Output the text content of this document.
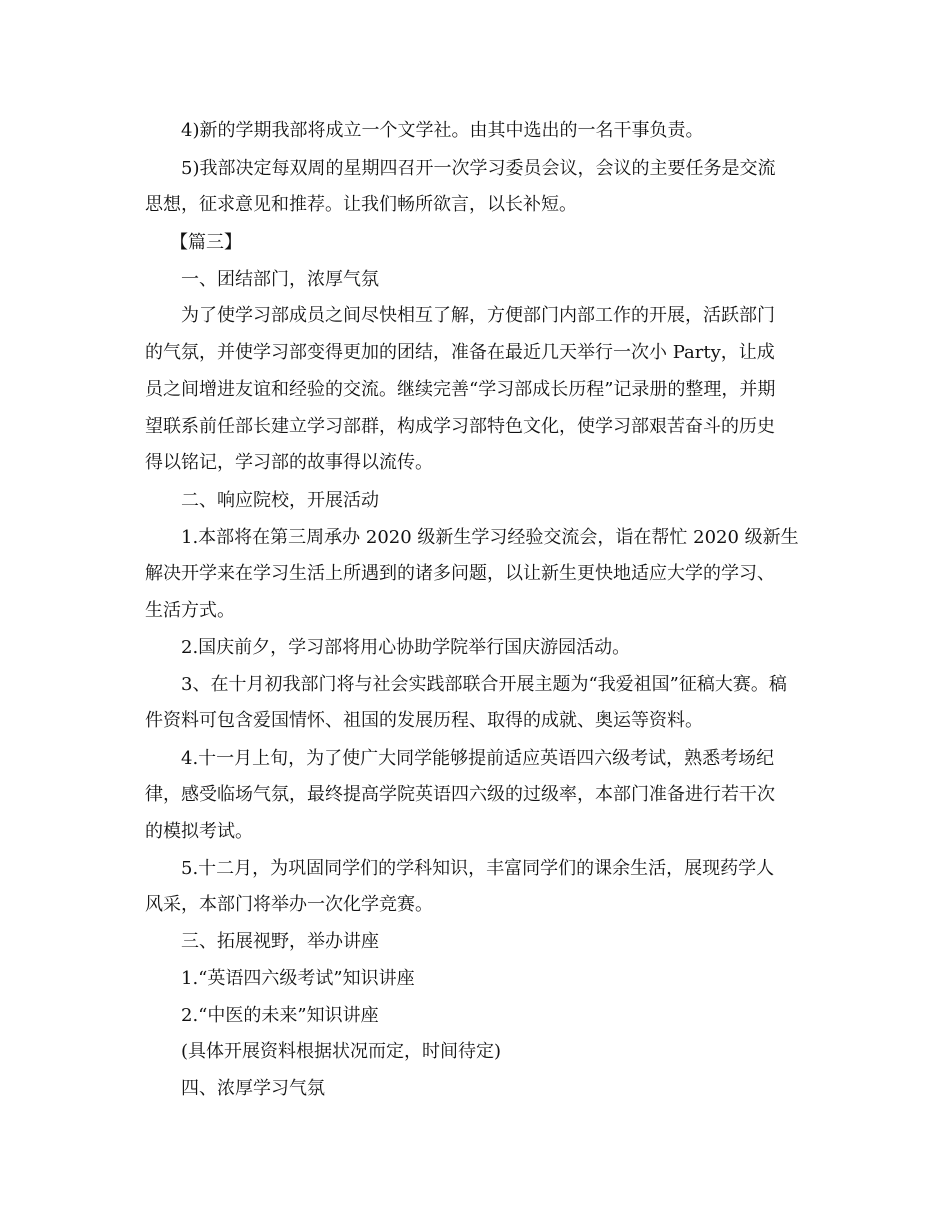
4)新的学期我部将成立一个文学社。由其中选出的一名干事负责。
5)我部决定每双周的星期四召开一次学习委员会议，会议的主要任务是交流
思想，征求意见和推荐。让我们畅所欲言，以长补短。
【篇三】
一、团结部门，浓厚气氛
为了使学习部成员之间尽快相互了解，方便部门内部工作的开展，活跃部门
的气氛，并使学习部变得更加的团结，准备在最近几天举行一次小 Party，让成
员之间增进友谊和经验的交流。继续完善“学习部成长历程”记录册的整理，并期
望联系前任部长建立学习部群，构成学习部特色文化，使学习部艰苦奋斗的历史
得以铭记，学习部的故事得以流传。
二、响应院校，开展活动
1.本部将在第三周承办 2020 级新生学习经验交流会，诣在帮忙 2020 级新生
解决开学来在学习生活上所遇到的诸多问题，以让新生更快地适应大学的学习、
生活方式。
2.国庆前夕，学习部将用心协助学院举行国庆游园活动。
3、在十月初我部门将与社会实践部联合开展主题为“我爱祖国”征稿大赛。稿
件资料可包含爱国情怀、祖国的发展历程、取得的成就、奥运等资料。
4.十一月上旬，为了使广大同学能够提前适应英语四六级考试，熟悉考场纪
律，感受临场气氛，最终提高学院英语四六级的过级率，本部门准备进行若干次
的模拟考试。
5.十二月，为巩固同学们的学科知识，丰富同学们的课余生活，展现药学人
风采，本部门将举办一次化学竞赛。
三、拓展视野，举办讲座
1.“英语四六级考试”知识讲座
2.“中医的未来”知识讲座
(具体开展资料根据状况而定，时间待定)
四、浓厚学习气氛
